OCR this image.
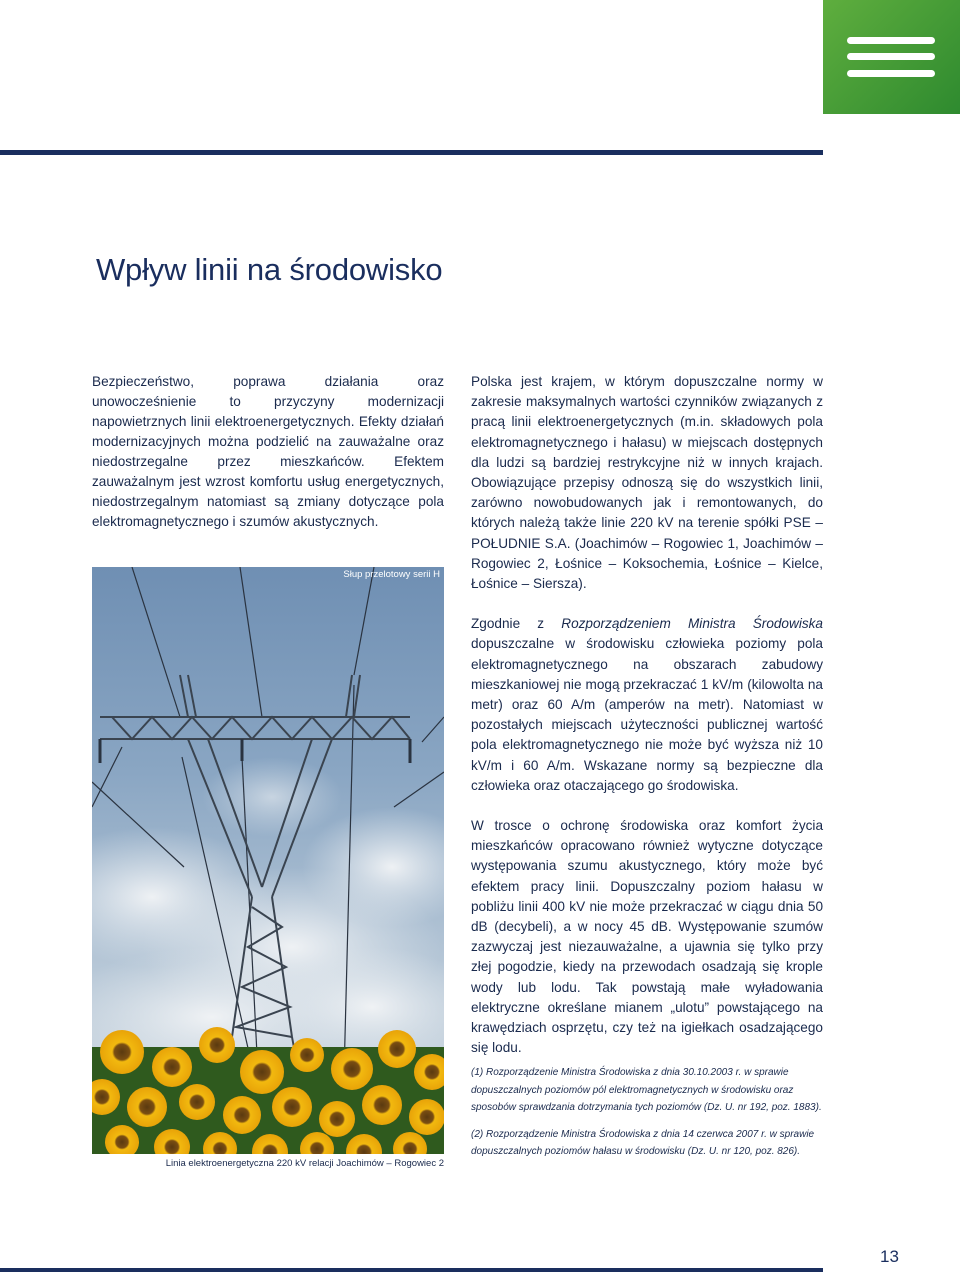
Wpływ linii na środowisko

Bezpieczeństwo, poprawa działania oraz unowocześnienie to przyczyny modernizacji napowietrznych linii elektroenergetycznych. Efekty działań modernizacyjnych można podzielić na zauważalne oraz niedostrzegalne przez mieszkańców. Efektem zauważalnym jest wzrost komfortu usług energetycznych, niedostrzegalnym natomiast są zmiany dotyczące pola elektromagnetycznego i szumów akustycznych.

Słup przelotowy serii H

Linia elektroenergetyczna 220 kV relacji Joachimów – Rogowiec 2

Polska jest krajem, w którym dopuszczalne normy w zakresie maksymalnych wartości czynników związanych z pracą linii elektroenergetycznych (m.in. składowych pola elektromagnetycznego i hałasu) w miejscach dostępnych dla ludzi są bardziej restrykcyjne niż w innych krajach. Obowiązujące przepisy odnoszą się do wszystkich linii, zarówno nowobudowanych jak i remontowanych, do których należą także linie 220 kV na terenie spółki PSE – POŁUDNIE S.A. (Joachimów – Rogowiec 1, Joachimów – Rogowiec 2, Łośnice – Koksochemia, Łośnice – Kielce, Łośnice – Siersza).

Zgodnie z Rozporządzeniem Ministra Środowiska dopuszczalne w środowisku człowieka poziomy pola elektromagnetycznego na obszarach zabudowy mieszkaniowej nie mogą przekraczać 1 kV/m (kilowolta na metr) oraz 60 A/m (amperów na metr). Natomiast w pozostałych miejscach użyteczności publicznej wartość pola elektromagnetycznego nie może być wyższa niż 10 kV/m i 60 A/m. Wskazane normy są bezpieczne dla człowieka oraz otaczającego go środowiska.

W trosce o ochronę środowiska oraz komfort życia mieszkańców opracowano również wytyczne dotyczące występowania szumu akustycznego, który może być efektem pracy linii. Dopuszczalny poziom hałasu w pobliżu linii 400 kV nie może przekraczać w ciągu dnia 50 dB (decybeli), a w nocy 45 dB. Występowanie szumów zazwyczaj jest niezauważalne, a ujawnia się tylko przy złej pogodzie, kiedy na przewodach osadzają się krople wody lub lodu. Tak powstają małe wyładowania elektryczne określane mianem „ulotu” powstającego na krawędziach osprzętu, czy też na igiełkach osadzającego się lodu.

(1) Rozporządzenie Ministra Środowiska z dnia 30.10.2003 r. w sprawie dopuszczalnych poziomów pól elektromagnetycznych w środowisku oraz sposobów sprawdzania dotrzymania tych poziomów (Dz. U. nr 192, poz. 1883).

(2) Rozporządzenie Ministra Środowiska z dnia 14 czerwca 2007 r. w sprawie dopuszczalnych poziomów hałasu w środowisku (Dz. U. nr 120, poz. 826).

13
